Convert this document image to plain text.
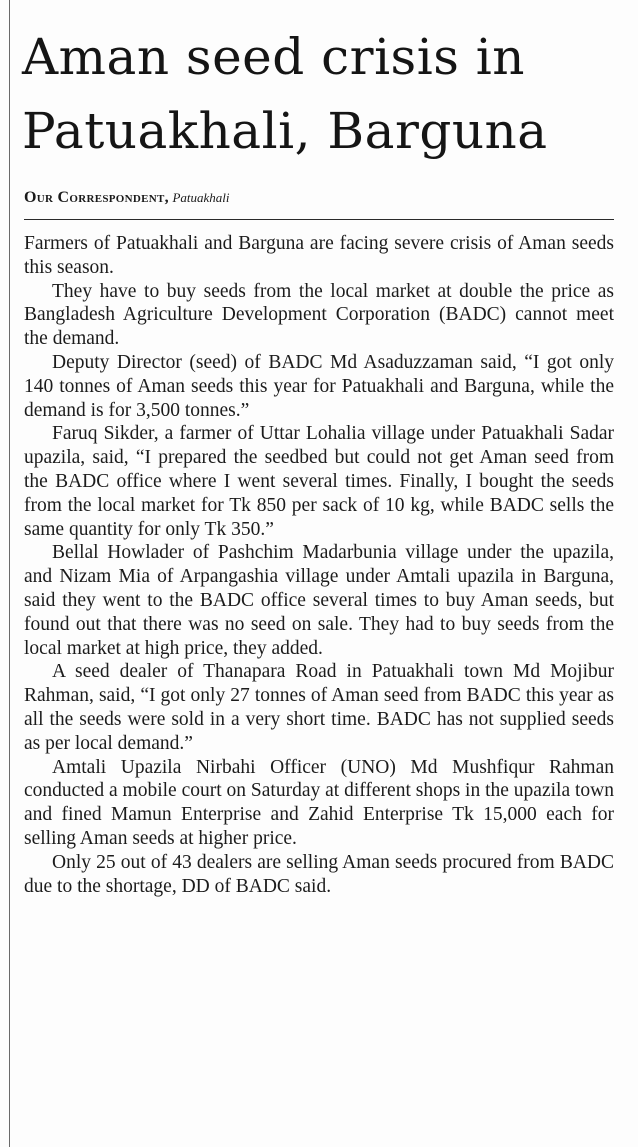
Aman seed crisis in Patuakhali, Barguna
Our Correspondent, Patuakhali

Farmers of Patuakhali and Barguna are facing severe crisis of Aman seeds this season.

They have to buy seeds from the local market at double the price as Bangladesh Agriculture Development Corporation (BADC) cannot meet the demand.

Deputy Director (seed) of BADC Md Asaduzzaman said, “I got only 140 tonnes of Aman seeds this year for Patuakhali and Barguna, while the demand is for 3,500 tonnes.”

Faruq Sikder, a farmer of Uttar Lohalia village under Patuakhali Sadar upazila, said, “I prepared the seedbed but could not get Aman seed from the BADC office where I went several times. Finally, I bought the seeds from the local market for Tk 850 per sack of 10 kg, while BADC sells the same quantity for only Tk 350.”

Bellal Howlader of Pashchim Madarbunia village under the upazila, and Nizam Mia of Arpangashia village under Amtali upazila in Barguna, said they went to the BADC office several times to buy Aman seeds, but found out that there was no seed on sale. They had to buy seeds from the local market at high price, they added.

A seed dealer of Thanapara Road in Patuakhali town Md Mojibur Rahman, said, “I got only 27 tonnes of Aman seed from BADC this year as all the seeds were sold in a very short time. BADC has not supplied seeds as per local demand.”

Amtali Upazila Nirbahi Officer (UNO) Md Mushfiqur Rahman conducted a mobile court on Saturday at different shops in the upazila town and fined Mamun Enterprise and Zahid Enterprise Tk 15,000 each for selling Aman seeds at higher price.

Only 25 out of 43 dealers are selling Aman seeds procured from BADC due to the shortage, DD of BADC said.
